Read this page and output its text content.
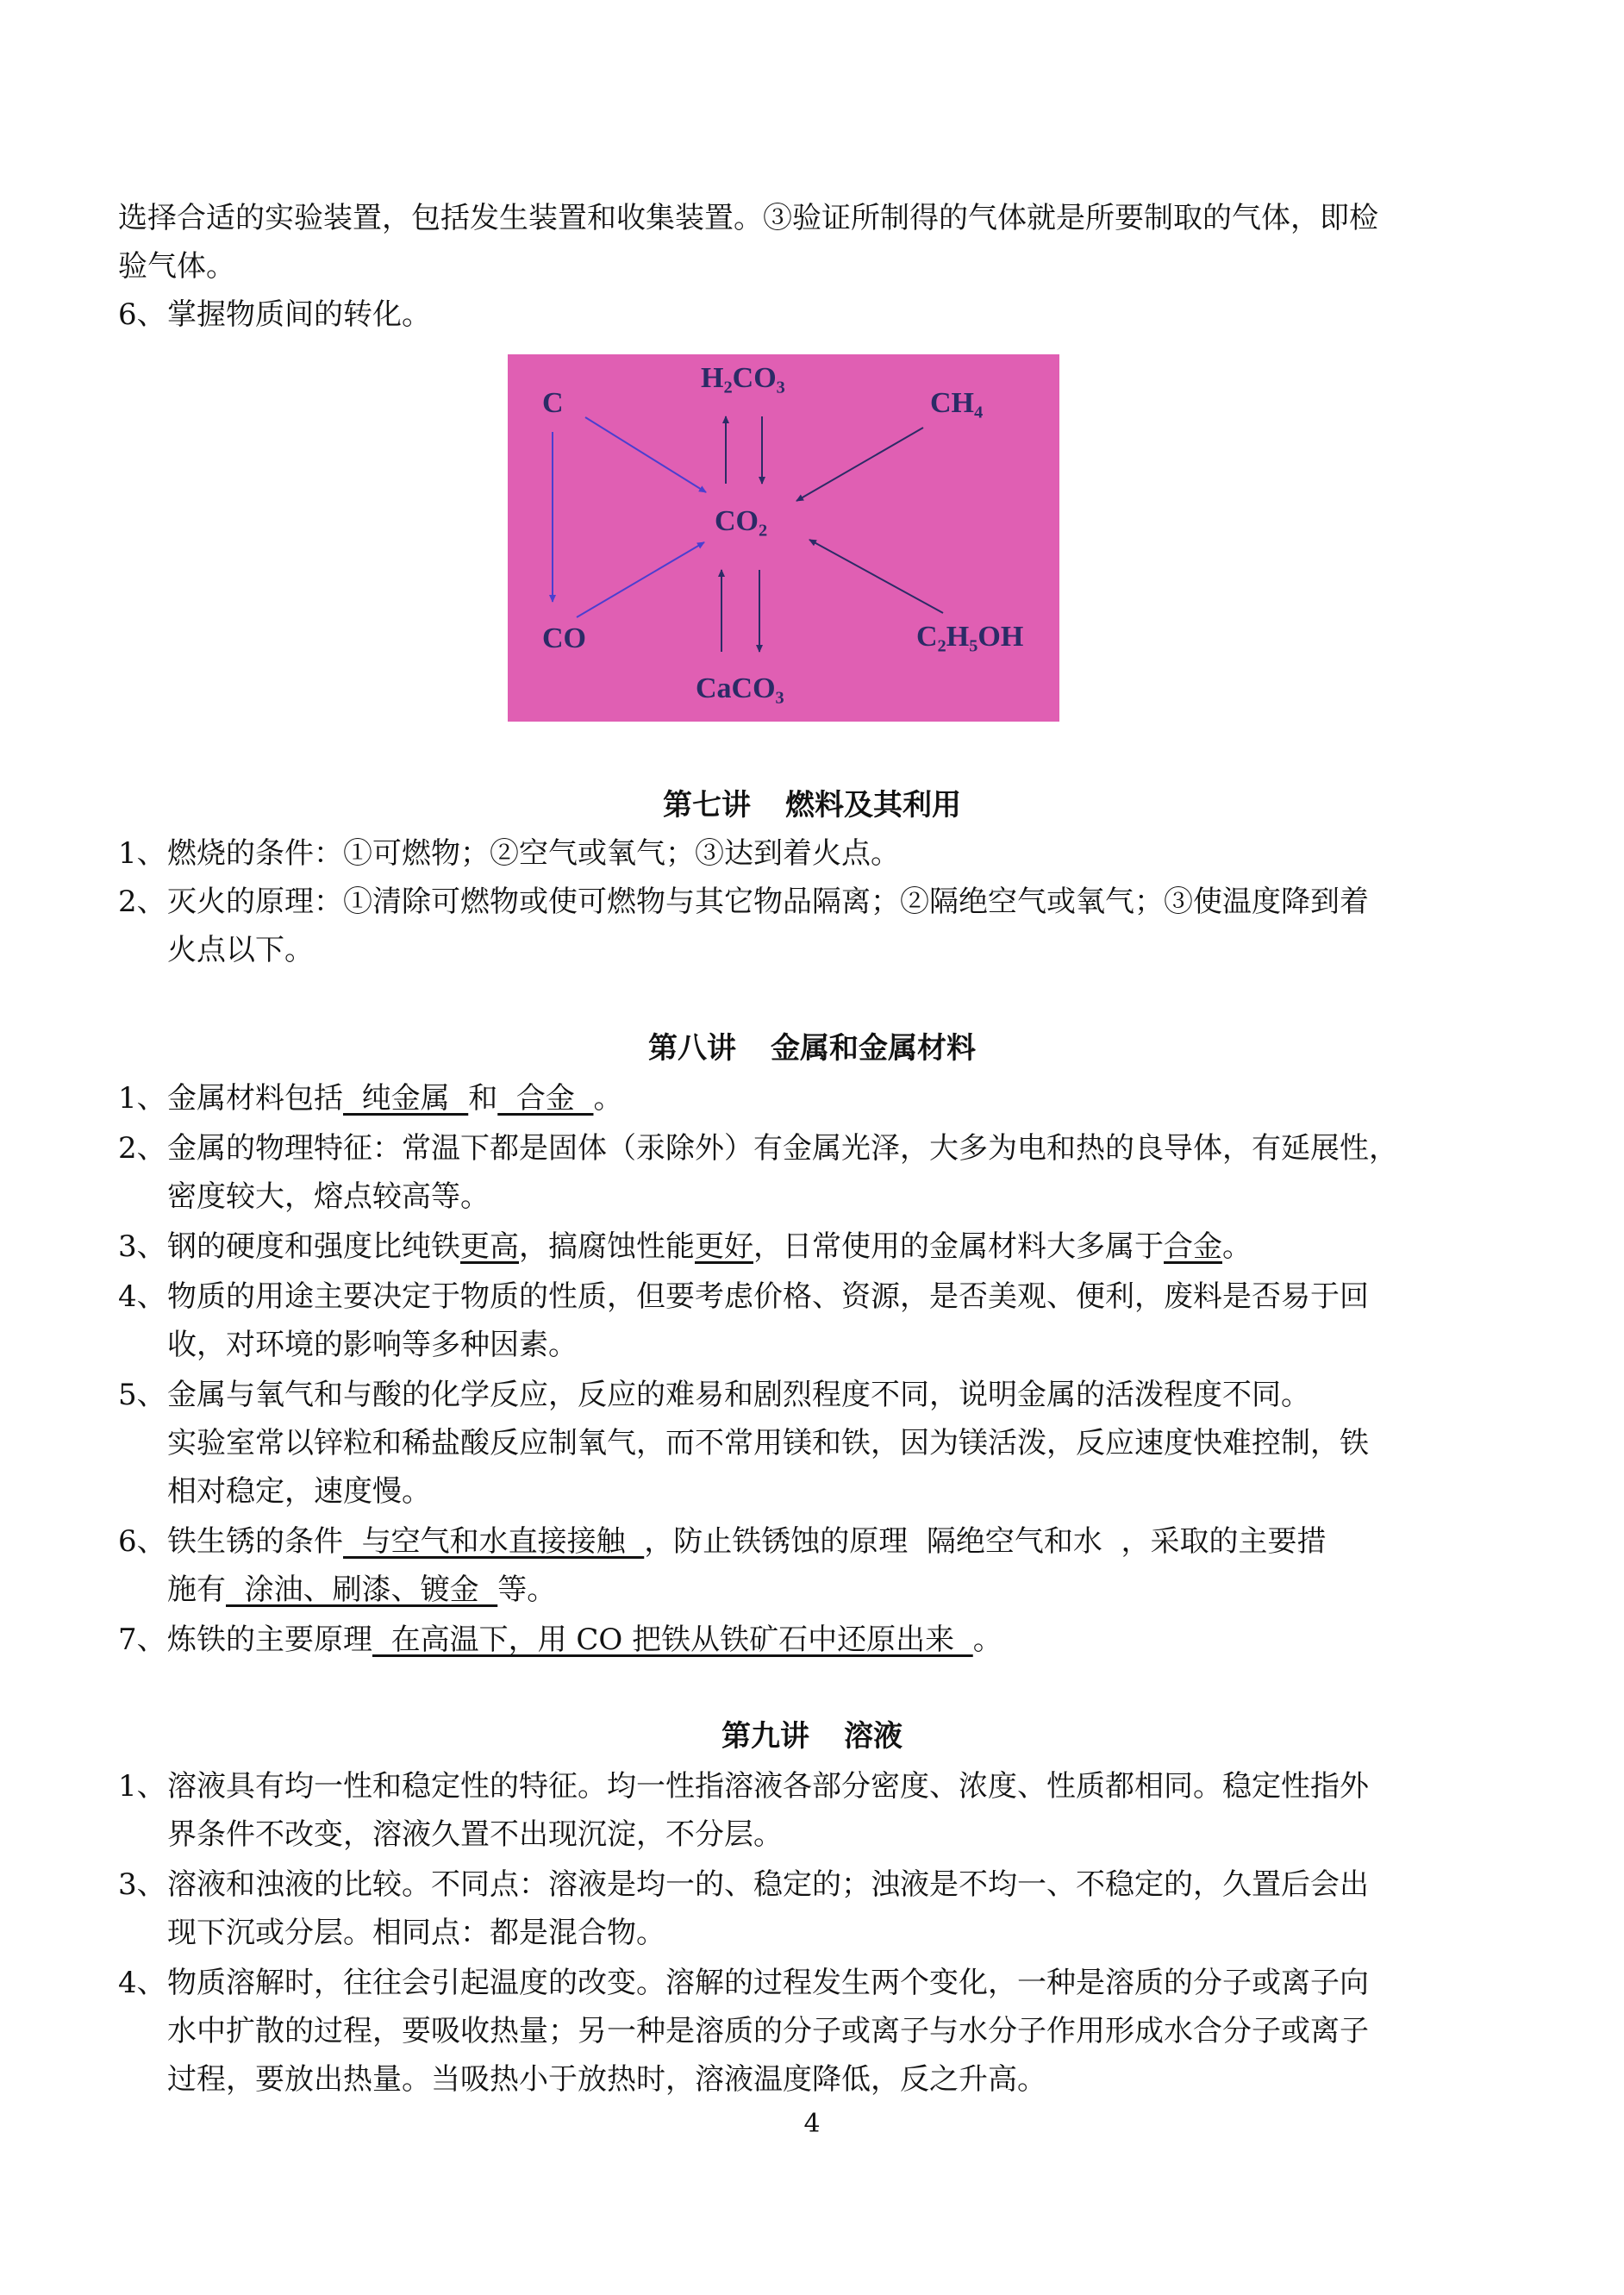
选择合适的实验装置，包括发生装置和收集装置。③验证所制得的气体就是所要制取的气体，即检
验气体。
6、掌握物质间的转化。
C
H₂CO₃
CH₄
CO₂
CO	C₂H₅OH
CaCO₃
第七讲 燃料及其利用
1、燃烧的条件：①可燃物；②空气或氧气；③达到着火点。
2、灭火的原理：①清除可燃物或使可燃物与其它物品隔离；②隔绝空气或氧气；③使温度降到着
火点以下。
第八讲 金属和金属材料
1、金属材料包括  纯金属  和  合金  。
2、金属的物理特征：常温下都是固体（汞除外）有金属光泽，大多为电和热的良导体，有延展性，
密度较大，熔点较高等。
3、钢的硬度和强度比纯铁更高，搞腐蚀性能更好，日常使用的金属材料大多属于合金。
4、物质的用途主要决定于物质的性质，但要考虑价格、资源，是否美观、便利，废料是否易于回
收，对环境的影响等多种因素。
5、金属与氧气和与酸的化学反应，反应的难易和剧烈程度不同，说明金属的活泼程度不同。
实验室常以锌粒和稀盐酸反应制氧气，而不常用镁和铁，因为镁活泼，反应速度快难控制，铁
相对稳定，速度慢。
6、铁生锈的条件  与空气和水直接接触  ，防止铁锈蚀的原理  隔绝空气和水  ，采取的主要措
施有  涂油、刷漆、镀金  等。
7、炼铁的主要原理  在高温下，用 CO 把铁从铁矿石中还原出来  。
第九讲 溶液
1、溶液具有均一性和稳定性的特征。均一性指溶液各部分密度、浓度、性质都相同。稳定性指外
界条件不改变，溶液久置不出现沉淀，不分层。
3、溶液和浊液的比较。不同点：溶液是均一的、稳定的；浊液是不均一、不稳定的，久置后会出
现下沉或分层。相同点：都是混合物。
4、物质溶解时，往往会引起温度的改变。溶解的过程发生两个变化，一种是溶质的分子或离子向
水中扩散的过程，要吸收热量；另一种是溶质的分子或离子与水分子作用形成水合分子或离子
过程，要放出热量。当吸热小于放热时，溶液温度降低，反之升高。
4
